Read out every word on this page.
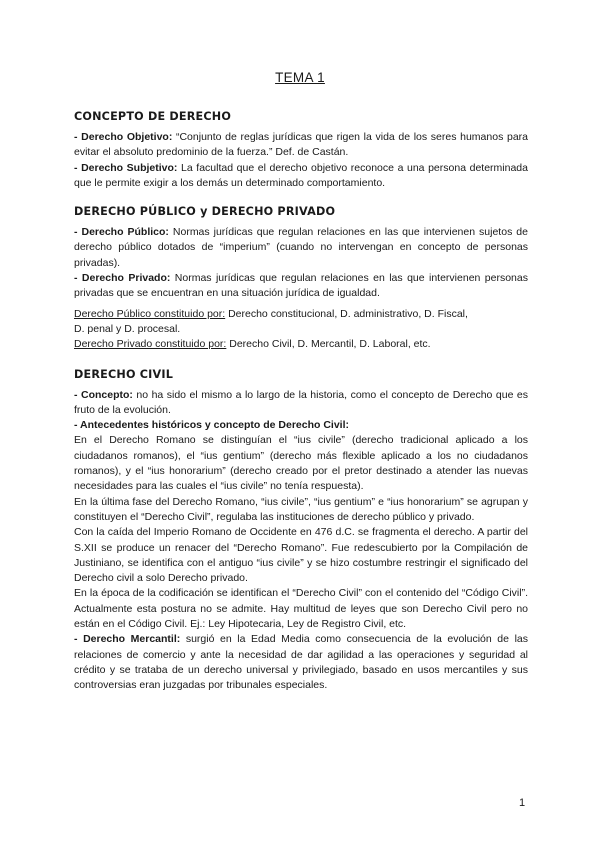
TEMA 1
CONCEPTO DE DERECHO

- Derecho Objetivo: “Conjunto de reglas jurídicas que rigen la vida de los seres humanos para evitar el absoluto predominio de la fuerza.” Def. de Castán.

- Derecho Subjetivo: La facultad que el derecho objetivo reconoce a una persona determinada que le permite exigir a los demás un determinado comportamiento.

DERECHO PÚBLICO y DERECHO PRIVADO

- Derecho Público: Normas jurídicas que regulan relaciones en las que intervienen sujetos de derecho público dotados de “imperium” (cuando no intervengan en concepto de personas privadas).

- Derecho Privado: Normas jurídicas que regulan relaciones en las que intervienen personas privadas que se encuentran en una situación jurídica de igualdad.

Derecho Público constituido por: Derecho constitucional, D. administrativo, D. Fiscal,

D. penal y D. procesal.

Derecho Privado constituido por: Derecho Civil, D. Mercantil, D. Laboral, etc.

DERECHO CIVIL

- Concepto: no ha sido el mismo a lo largo de la historia, como el concepto de Derecho que es fruto de la evolución.

- Antecedentes históricos y concepto de Derecho Civil:

En el Derecho Romano se distinguían el “ius civile” (derecho tradicional aplicado a los ciudadanos romanos), el “ius gentium” (derecho más flexible aplicado a los no ciudadanos romanos), y el “ius honorarium” (derecho creado por el pretor destinado a atender las nuevas necesidades para las cuales el “ius civile” no tenía respuesta).

En la última fase del Derecho Romano, “ius civile”, “ius gentium” e “ius honorarium” se agrupan y constituyen el “Derecho Civil”, regulaba las instituciones de derecho público y privado.

Con la caída del Imperio Romano de Occidente en 476 d.C. se fragmenta el derecho. A partir del S.XII se produce un renacer del “Derecho Romano”. Fue redescubierto por la Compilación de Justiniano, se identifica con el antiguo “ius civile” y se hizo costumbre restringir el significado del Derecho civil a solo Derecho privado.

En la época de la codificación se identifican el “Derecho Civil” con el contenido del “Código Civil”. Actualmente esta postura no se admite. Hay multitud de leyes que son Derecho Civil pero no están en el Código Civil. Ej.: Ley Hipotecaria, Ley de Registro Civil, etc.

- Derecho Mercantil: surgió en la Edad Media como consecuencia de la evolución de las relaciones de comercio y ante la necesidad de dar agilidad a las operaciones y seguridad al crédito y se trataba de un derecho universal y privilegiado, basado en usos mercantiles y sus controversias eran juzgadas por tribunales especiales.

1
